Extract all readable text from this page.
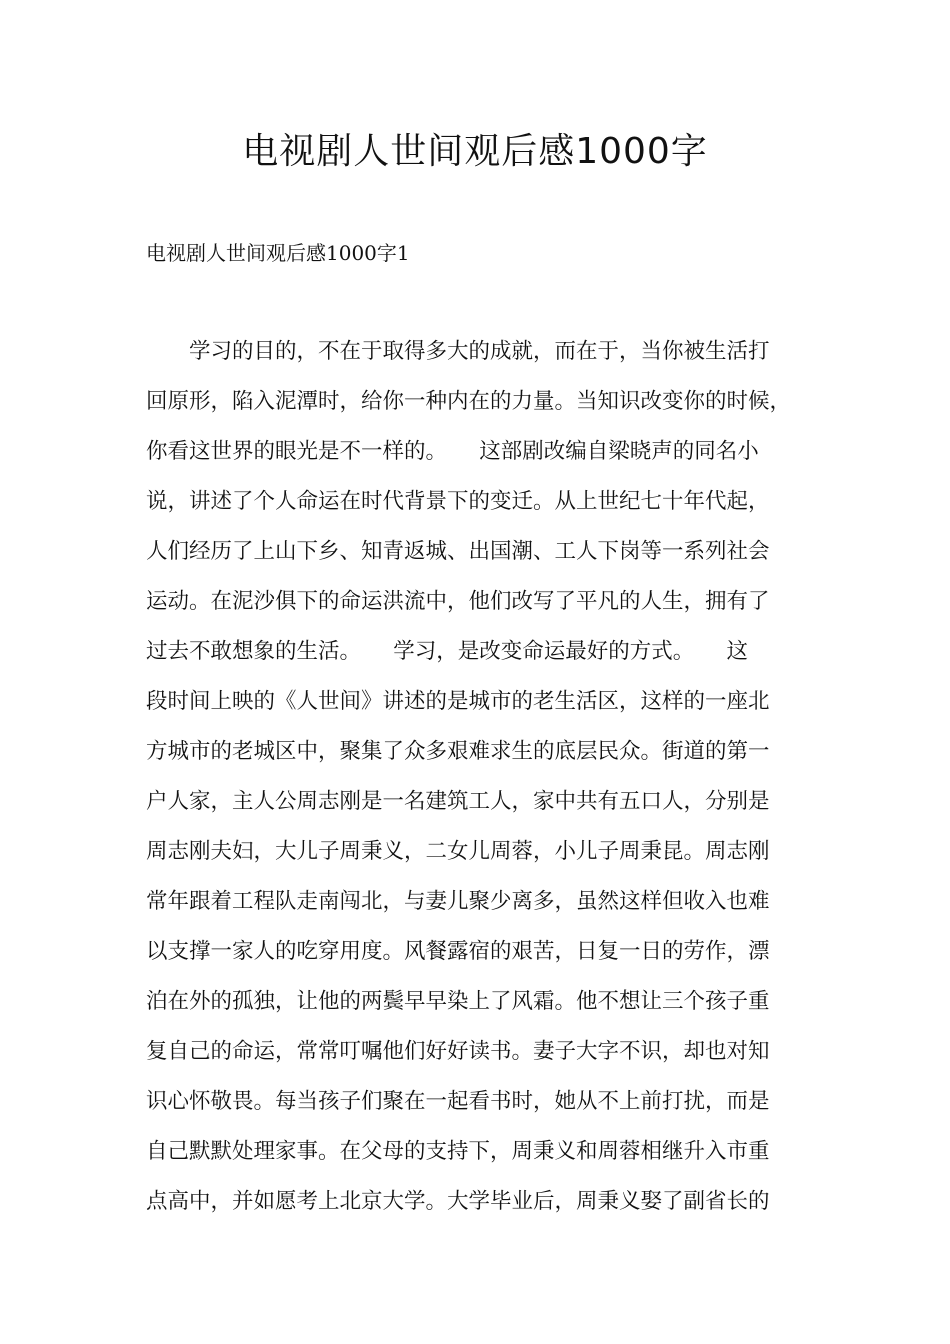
电视剧人世间观后感1000字

电视剧人世间观后感1000字1

　　学习的目的，不在于取得多大的成就，而在于，当你被生活打
回原形，陷入泥潭时，给你一种内在的力量。当知识改变你的时候，
你看这世界的眼光是不一样的。　　这部剧改编自梁晓声的同名小
说，讲述了个人命运在时代背景下的变迁。从上世纪七十年代起，
人们经历了上山下乡、知青返城、出国潮、工人下岗等一系列社会
运动。在泥沙俱下的命运洪流中，他们改写了平凡的人生，拥有了
过去不敢想象的生活。　　学习，是改变命运最好的方式。　　这
段时间上映的《人世间》讲述的是城市的老生活区，这样的一座北
方城市的老城区中，聚集了众多艰难求生的底层民众。街道的第一
户人家，主人公周志刚是一名建筑工人，家中共有五口人，分别是
周志刚夫妇，大儿子周秉义，二女儿周蓉，小儿子周秉昆。周志刚
常年跟着工程队走南闯北，与妻儿聚少离多，虽然这样但收入也难
以支撑一家人的吃穿用度。风餐露宿的艰苦，日复一日的劳作，漂
泊在外的孤独，让他的两鬓早早染上了风霜。他不想让三个孩子重
复自己的命运，常常叮嘱他们好好读书。妻子大字不识，却也对知
识心怀敬畏。每当孩子们聚在一起看书时，她从不上前打扰，而是
自己默默处理家事。在父母的支持下，周秉义和周蓉相继升入市重
点高中，并如愿考上北京大学。大学毕业后，周秉义娶了副省长的
